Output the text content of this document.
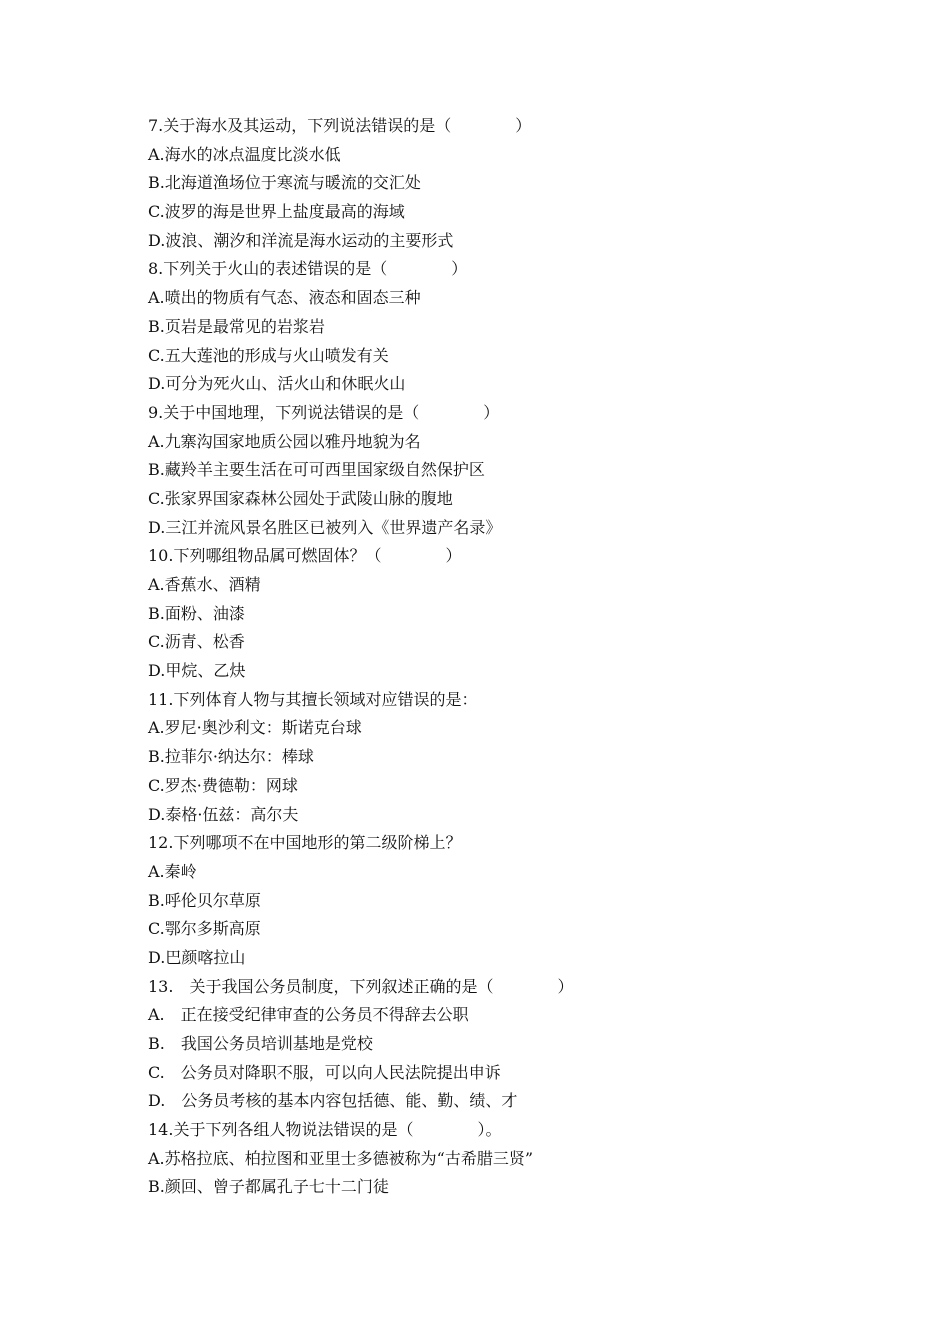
7.关于海水及其运动，下列说法错误的是（　　　　）
A.海水的冰点温度比淡水低
B.北海道渔场位于寒流与暖流的交汇处
C.波罗的海是世界上盐度最高的海域
D.波浪、潮汐和洋流是海水运动的主要形式
8.下列关于火山的表述错误的是（　　　　）
A.喷出的物质有气态、液态和固态三种
B.页岩是最常见的岩浆岩
C.五大莲池的形成与火山喷发有关
D.可分为死火山、活火山和休眠火山
9.关于中国地理，下列说法错误的是（　　　　）
A.九寨沟国家地质公园以雅丹地貌为名
B.藏羚羊主要生活在可可西里国家级自然保护区
C.张家界国家森林公园处于武陵山脉的腹地
D.三江并流风景名胜区已被列入《世界遗产名录》
10.下列哪组物品属可燃固体？（　　　　）
A.香蕉水、酒精
B.面粉、油漆
C.沥青、松香
D.甲烷、乙炔
11.下列体育人物与其擅长领域对应错误的是：
A.罗尼·奥沙利文：斯诺克台球
B.拉菲尔·纳达尔：棒球
C.罗杰·费德勒：网球
D.泰格·伍兹：高尔夫
12.下列哪项不在中国地形的第二级阶梯上？
A.秦岭
B.呼伦贝尔草原
C.鄂尔多斯高原
D.巴颜喀拉山
13.　关于我国公务员制度，下列叙述正确的是（　　　　）
A.　正在接受纪律审查的公务员不得辞去公职
B.　我国公务员培训基地是党校
C.　公务员对降职不服，可以向人民法院提出申诉
D.　公务员考核的基本内容包括德、能、勤、绩、才
14.关于下列各组人物说法错误的是（　　　　）。
A.苏格拉底、柏拉图和亚里士多德被称为“古希腊三贤”
B.颜回、曾子都属孔子七十二门徒
